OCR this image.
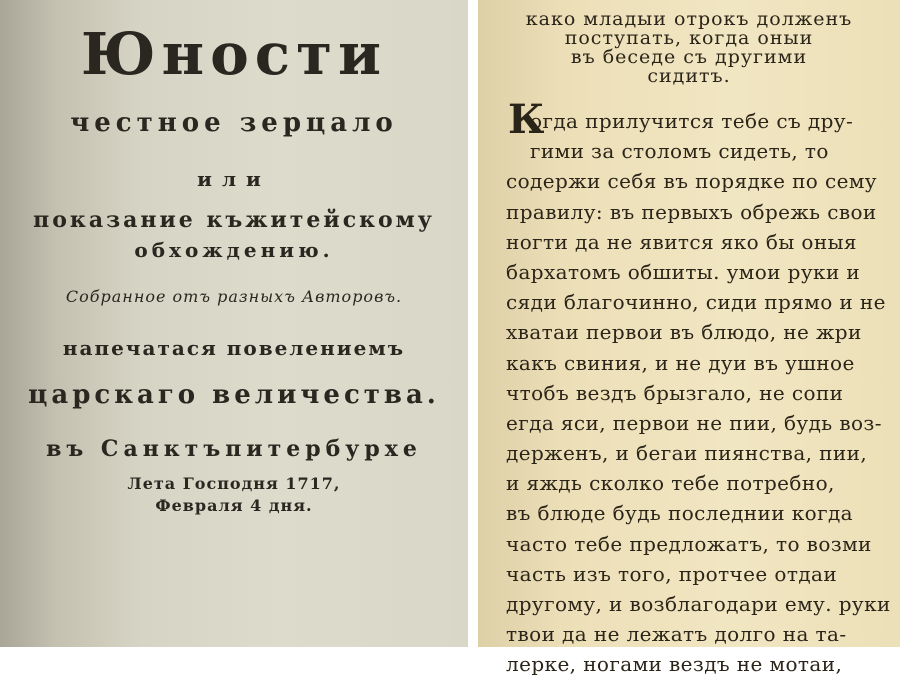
Юности
честное зерцало
или
показание къжитейскому
обхождению.
Собранное отъ разныхъ Авторовъ.
напечатася повелениемъ
царскаго величества.
въ Санктъпитербурхе
Лета Господня 1717,
Февраля 4 дня.
како младыи отрокъ долженъ
поступать, когда оныи
въ беседе съ другими
сидитъ.
К
огда прилучится тебе съ дру-
гими за столомъ сидеть, то
содержи себя въ порядке по сему
правилу: въ первыхъ обрежь свои
ногти да не явится яко бы оныя
бархатомъ обшиты. умои руки и
сяди благочинно, сиди прямо и не
хватаи первои въ блюдо, не жри
какъ свиния, и не дуи въ ушное
чтобъ вездъ брызгало, не сопи
егда яси, первои не пии, будь воз-
держенъ, и бегаи пиянства, пии,
и яждь сколко тебе потребно,
въ блюде будь последнии когда
часто тебе предложатъ, то возми
часть изъ того, протчее отдаи
другому, и возблагодари ему. руки
твои да не лежатъ долго на та-
лерке, ногами вездъ не мотаи,
